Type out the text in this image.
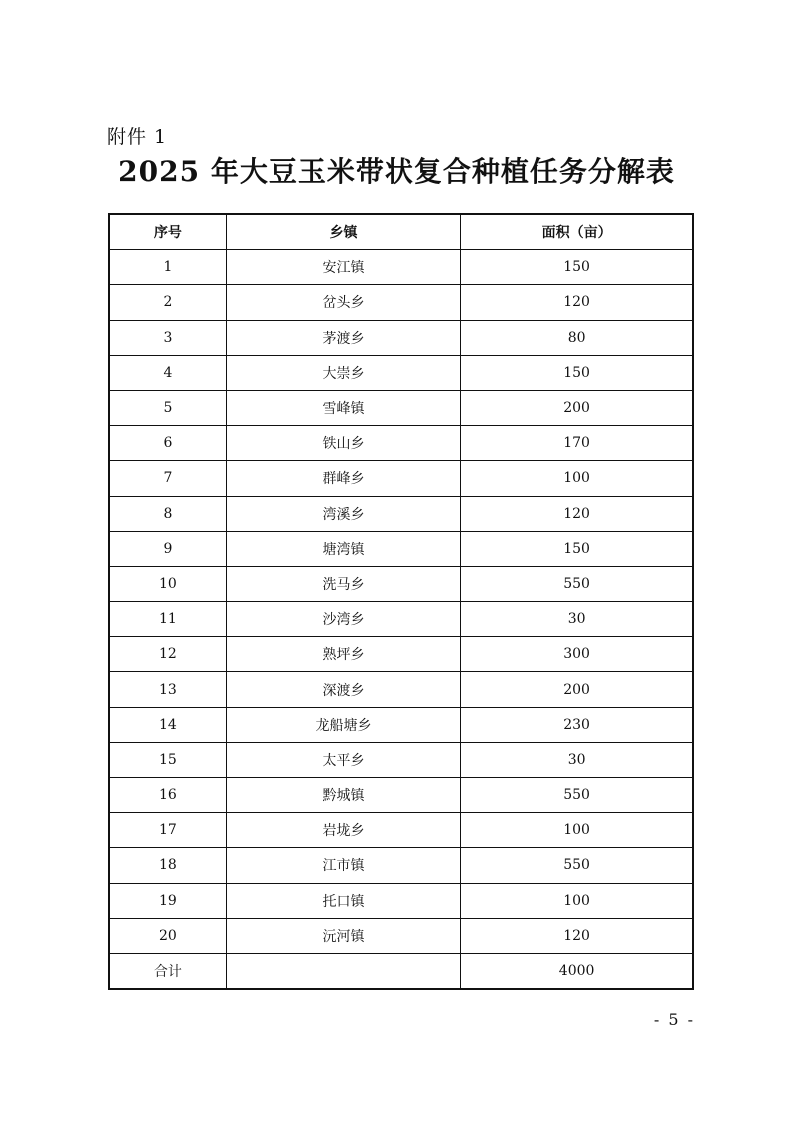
附件 1
2025 年大豆玉米带状复合种植任务分解表
序号	乡镇	面积（亩）
1	安江镇	150
2	岔头乡	120
3	茅渡乡	80
4	大崇乡	150
5	雪峰镇	200
6	铁山乡	170
7	群峰乡	100
8	湾溪乡	120
9	塘湾镇	150
10	洗马乡	550
11	沙湾乡	30
12	熟坪乡	300
13	深渡乡	200
14	龙船塘乡	230
15	太平乡	30
16	黔城镇	550
17	岩垅乡	100
18	江市镇	550
19	托口镇	100
20	沅河镇	120
合计		4000
- 5 -
